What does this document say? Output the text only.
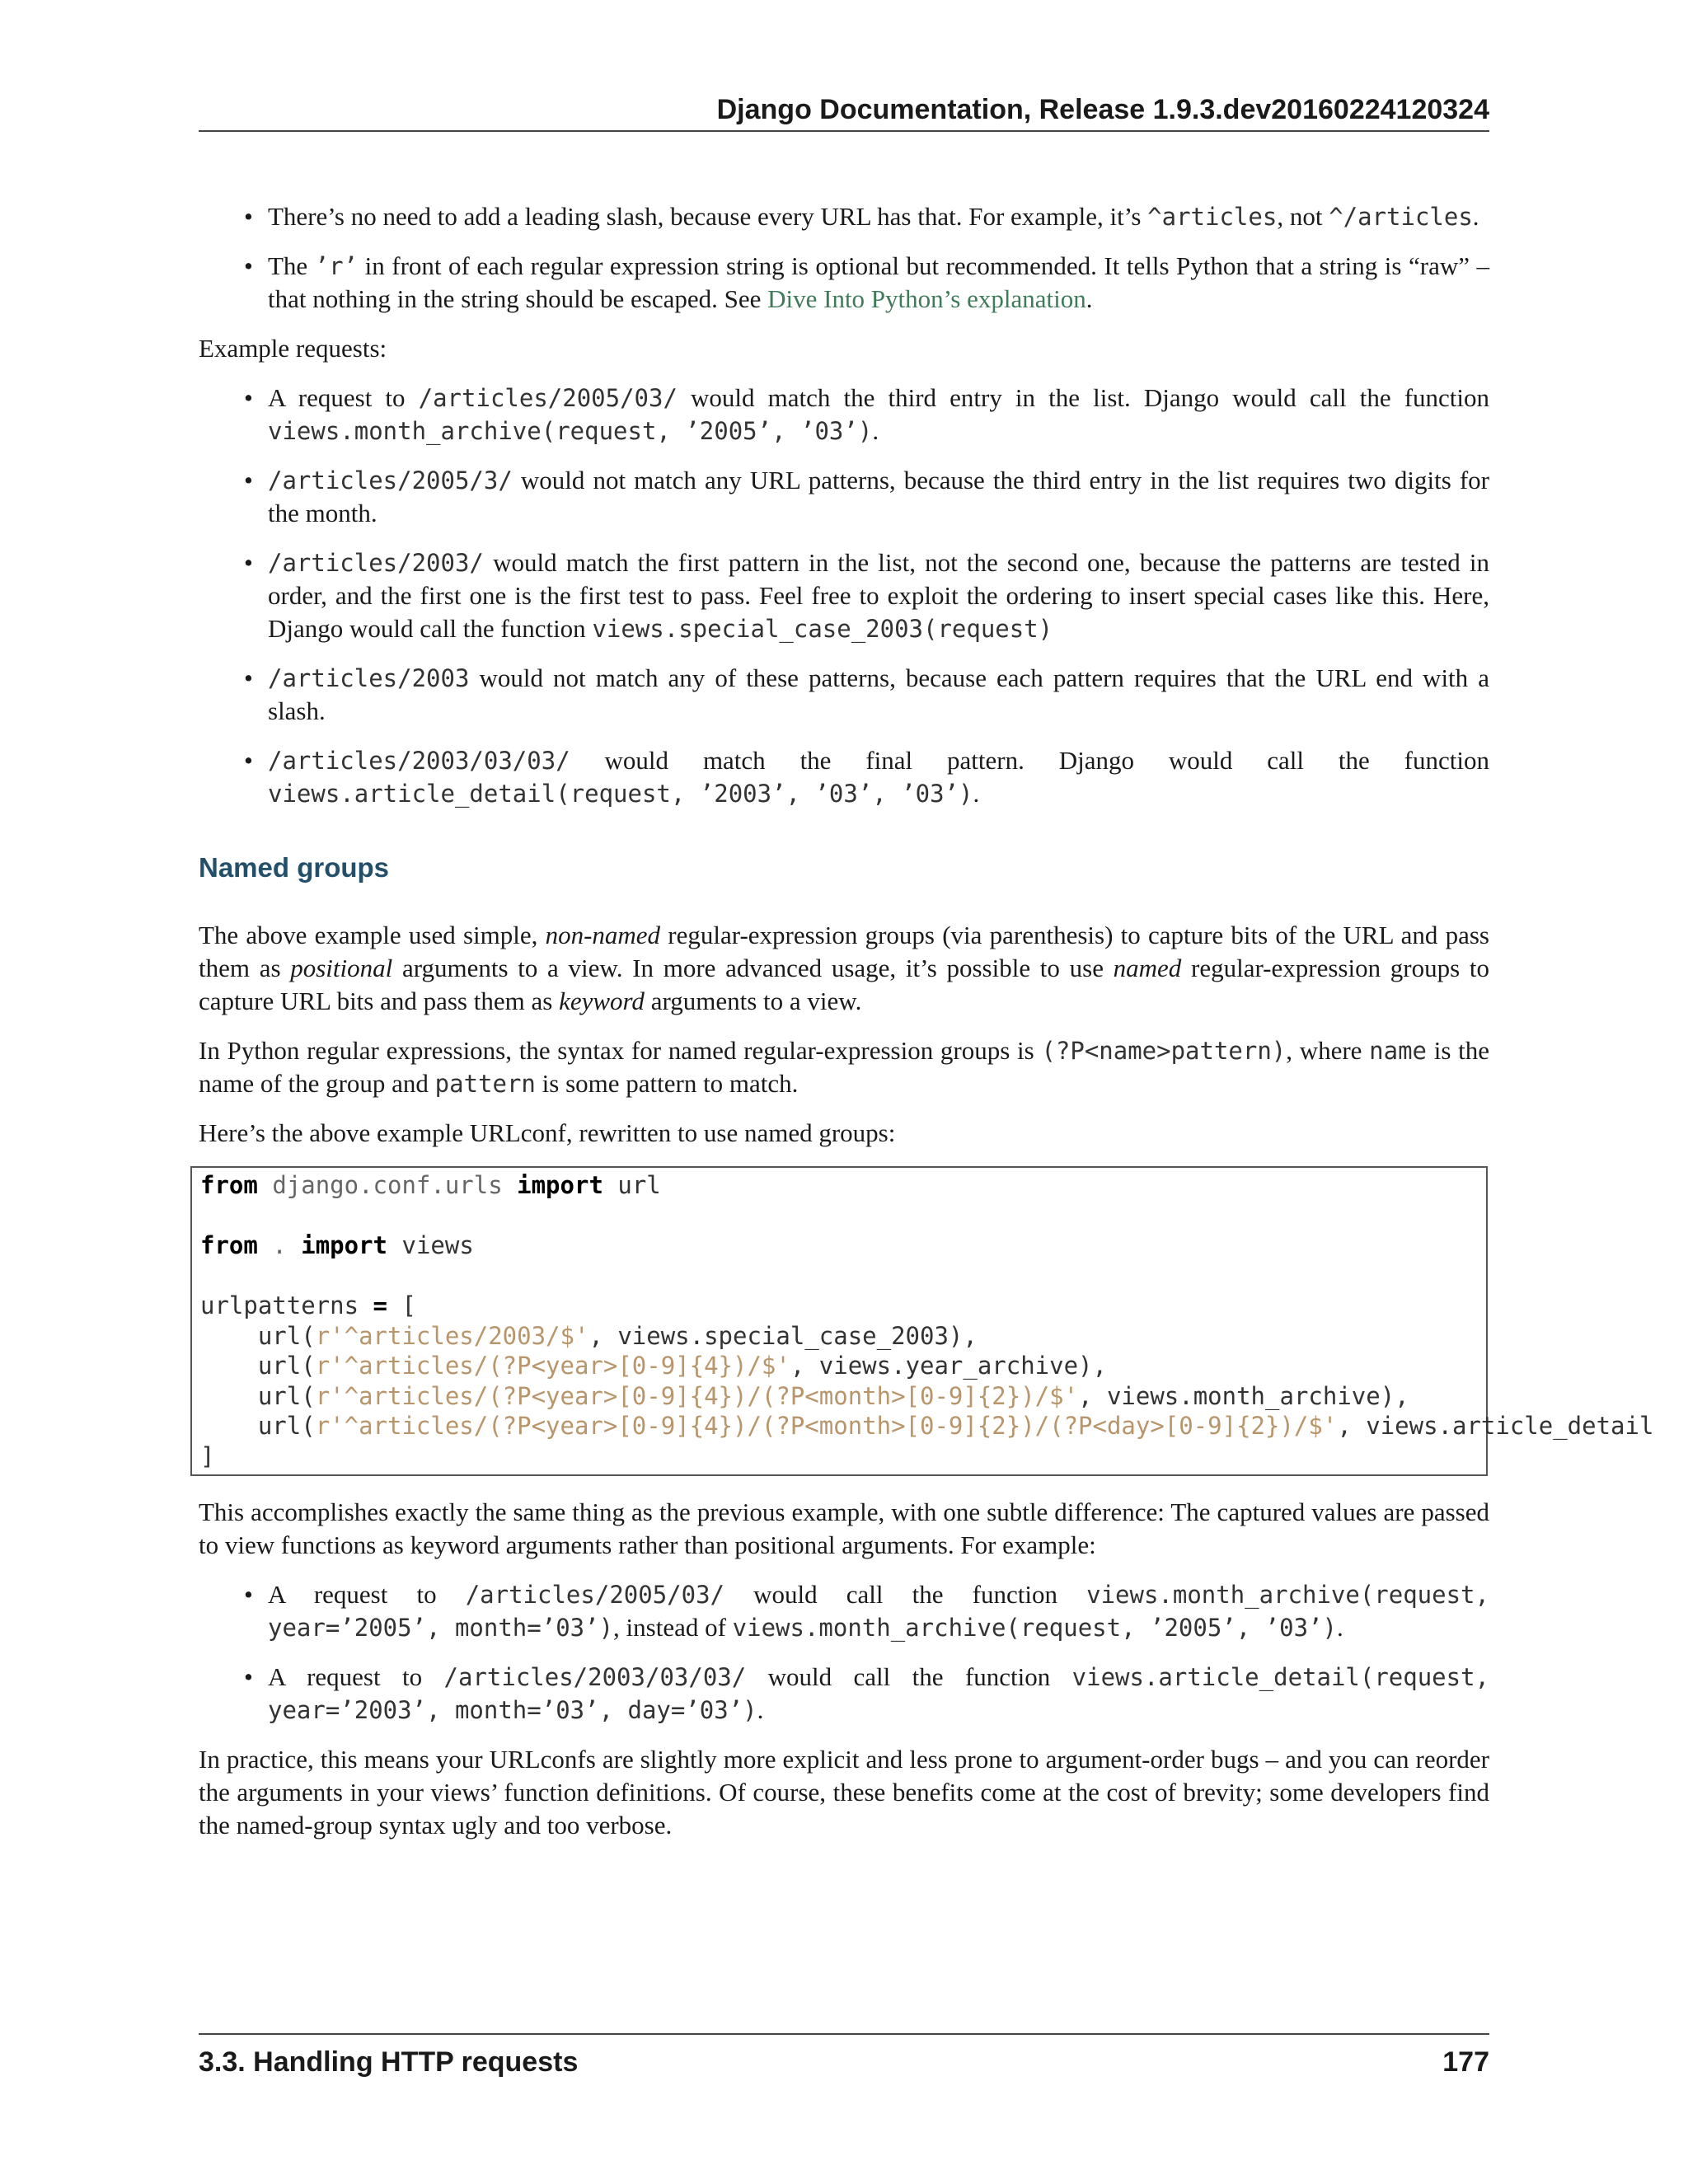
Django Documentation, Release 1.9.3.dev20160224120324
• There’s no need to add a leading slash, because every URL has that. For example, it’s ^articles, not ^/articles.
• The ’r’ in front of each regular expression string is optional but recommended. It tells Python that a string is “raw” – that nothing in the string should be escaped. See Dive Into Python’s explanation.

Example requests:

• A request to /articles/2005/03/ would match the third entry in the list. Django would call the function views.month_archive(request, ’2005’, ’03’).
• /articles/2005/3/ would not match any URL patterns, because the third entry in the list requires two digits for the month.
• /articles/2003/ would match the first pattern in the list, not the second one, because the patterns are tested in order, and the first one is the first test to pass. Feel free to exploit the ordering to insert special cases like this. Here, Django would call the function views.special_case_2003(request)
• /articles/2003 would not match any of these patterns, because each pattern requires that the URL end with a slash.
• /articles/2003/03/03/ would match the final pattern. Django would call the function views.article_detail(request, ’2003’, ’03’, ’03’).
Named groups

The above example used simple, non-named regular-expression groups (via parenthesis) to capture bits of the URL and pass them as positional arguments to a view. In more advanced usage, it’s possible to use named regular-expression groups to capture URL bits and pass them as keyword arguments to a view.

In Python regular expressions, the syntax for named regular-expression groups is (?P<name>pattern), where name is the name of the group and pattern is some pattern to match.

Here’s the above example URLconf, rewritten to use named groups:

from django.conf.urls import url

from . import views

urlpatterns = [
url(r'^articles/2003/$', views.special_case_2003),
url(r'^articles/(?P<year>[0-9]{4})/$', views.year_archive),
url(r'^articles/(?P<year>[0-9]{4})/(?P<month>[0-9]{2})/$', views.month_archive),
url(r'^articles/(?P<year>[0-9]{4})/(?P<month>[0-9]{2})/(?P<day>[0-9]{2})/$', views.article_detail
]

This accomplishes exactly the same thing as the previous example, with one subtle difference: The captured values are passed to view functions as keyword arguments rather than positional arguments. For example:

• A request to /articles/2005/03/ would call the function views.month_archive(request, year=’2005’, month=’03’), instead of views.month_archive(request, ’2005’, ’03’).
• A request to /articles/2003/03/03/ would call the function views.article_detail(request, year=’2003’, month=’03’, day=’03’).

In practice, this means your URLconfs are slightly more explicit and less prone to argument-order bugs – and you can reorder the arguments in your views’ function definitions. Of course, these benefits come at the cost of brevity; some developers find the named-group syntax ugly and too verbose.

3.3. Handling HTTP requests	177
